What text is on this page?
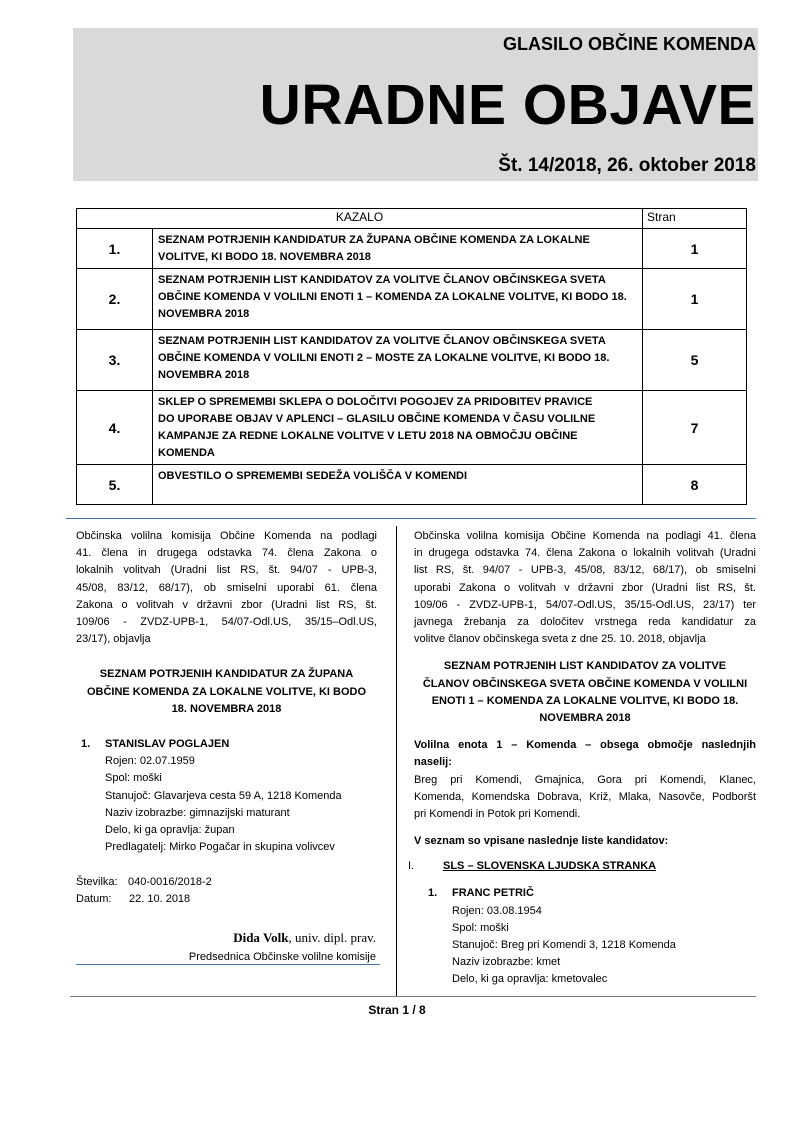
GLASILO OBČINE KOMENDA
URADNE OBJAVE
Št. 14/2018, 26. oktober 2018
KAZALO		Stran
1.	SEZNAM POTRJENIH KANDIDATUR ZA ŽUPANA OBČINE KOMENDA ZA LOKALNE
VOLITVE, KI BODO 18. NOVEMBRA 2018	1
2.	SEZNAM POTRJENIH LIST KANDIDATOV ZA VOLITVE ČLANOV OBČINSKEGA SVETA
OBČINE KOMENDA V VOLILNI ENOTI 1 – KOMENDA ZA LOKALNE VOLITVE, KI BODO 18.
NOVEMBRA 2018	1
3.	SEZNAM POTRJENIH LIST KANDIDATOV ZA VOLITVE ČLANOV OBČINSKEGA SVETA
OBČINE KOMENDA V VOLILNI ENOTI 2 – MOSTE ZA LOKALNE VOLITVE, KI BODO 18.
NOVEMBRA 2018	5
4.	SKLEP O SPREMEMBI SKLEPA O DOLOČITVI POGOJEV ZA PRIDOBITEV PRAVICE
DO UPORABE OBJAV V APLENCI – GLASILU OBČINE KOMENDA V ČASU VOLILNE
KAMPANJE ZA REDNE LOKALNE VOLITVE V LETU 2018 NA OBMOČJU OBČINE
KOMENDA	7
5.	OBVESTILO O SPREMEMBI SEDEŽA VOLIŠČA V KOMENDI	8
Občinska volilna komisija Občine Komenda na podlagi
41. člena in drugega odstavka 74. člena Zakona o
lokalnih volitvah (Uradni list RS, št. 94/07 - UPB-3,
45/08, 83/12, 68/17), ob smiselni uporabi 61. člena
Zakona o volitvah v državni zbor (Uradni list RS, št.
109/06 - ZVDZ-UPB-1, 54/07-Odl.US, 35/15–Odl.US,
23/17), objavlja
SEZNAM POTRJENIH KANDIDATUR ZA ŽUPANA
OBČINE KOMENDA ZA LOKALNE VOLITVE, KI BODO
18. NOVEMBRA 2018
1. STANISLAV POGLAJEN
Rojen: 02.07.1959
Spol: moški
Stanujoč: Glavarjeva cesta 59 A, 1218 Komenda
Naziv izobrazbe: gimnazijski maturant
Delo, ki ga opravlja: župan
Predlagatelj: Mirko Pogačar in skupina volivcev
Številka: 040-0016/2018-2
Datum: 22. 10. 2018
Dida Volk, univ. dipl. prav.
Predsednica Občinske volilne komisije
Občinska volilna komisija Občine Komenda na podlagi 41. člena
in drugega odstavka 74. člena Zakona o lokalnih volitvah (Uradni
list RS, št. 94/07 - UPB-3, 45/08, 83/12, 68/17), ob smiselni
uporabi Zakona o volitvah v državni zbor (Uradni list RS, št.
109/06 - ZVDZ-UPB-1, 54/07-Odl.US, 35/15-Odl.US, 23/17) ter
javnega žrebanja za določitev vrstnega reda kandidatur za
volitve članov občinskega sveta z dne 25. 10. 2018, objavlja
SEZNAM POTRJENIH LIST KANDIDATOV ZA VOLITVE
ČLANOV OBČINSKEGA SVETA OBČINE KOMENDA V VOLILNI
ENOTI 1 – KOMENDA ZA LOKALNE VOLITVE, KI BODO 18.
NOVEMBRA 2018
Volilna enota 1 – Komenda – obsega območje naslednjih
naselij:
Breg pri Komendi, Gmajnica, Gora pri Komendi, Klanec,
Komenda, Komendska Dobrava, Križ, Mlaka, Nasovče, Podboršt
pri Komendi in Potok pri Komendi.
V seznam so vpisane naslednje liste kandidatov:
I.	SLS – SLOVENSKA LJUDSKA STRANKA
1. FRANC PETRIČ
Rojen: 03.08.1954
Spol: moški
Stanujoč: Breg pri Komendi 3, 1218 Komenda
Naziv izobrazbe: kmet
Delo, ki ga opravlja: kmetovalec
Stran 1 / 8
